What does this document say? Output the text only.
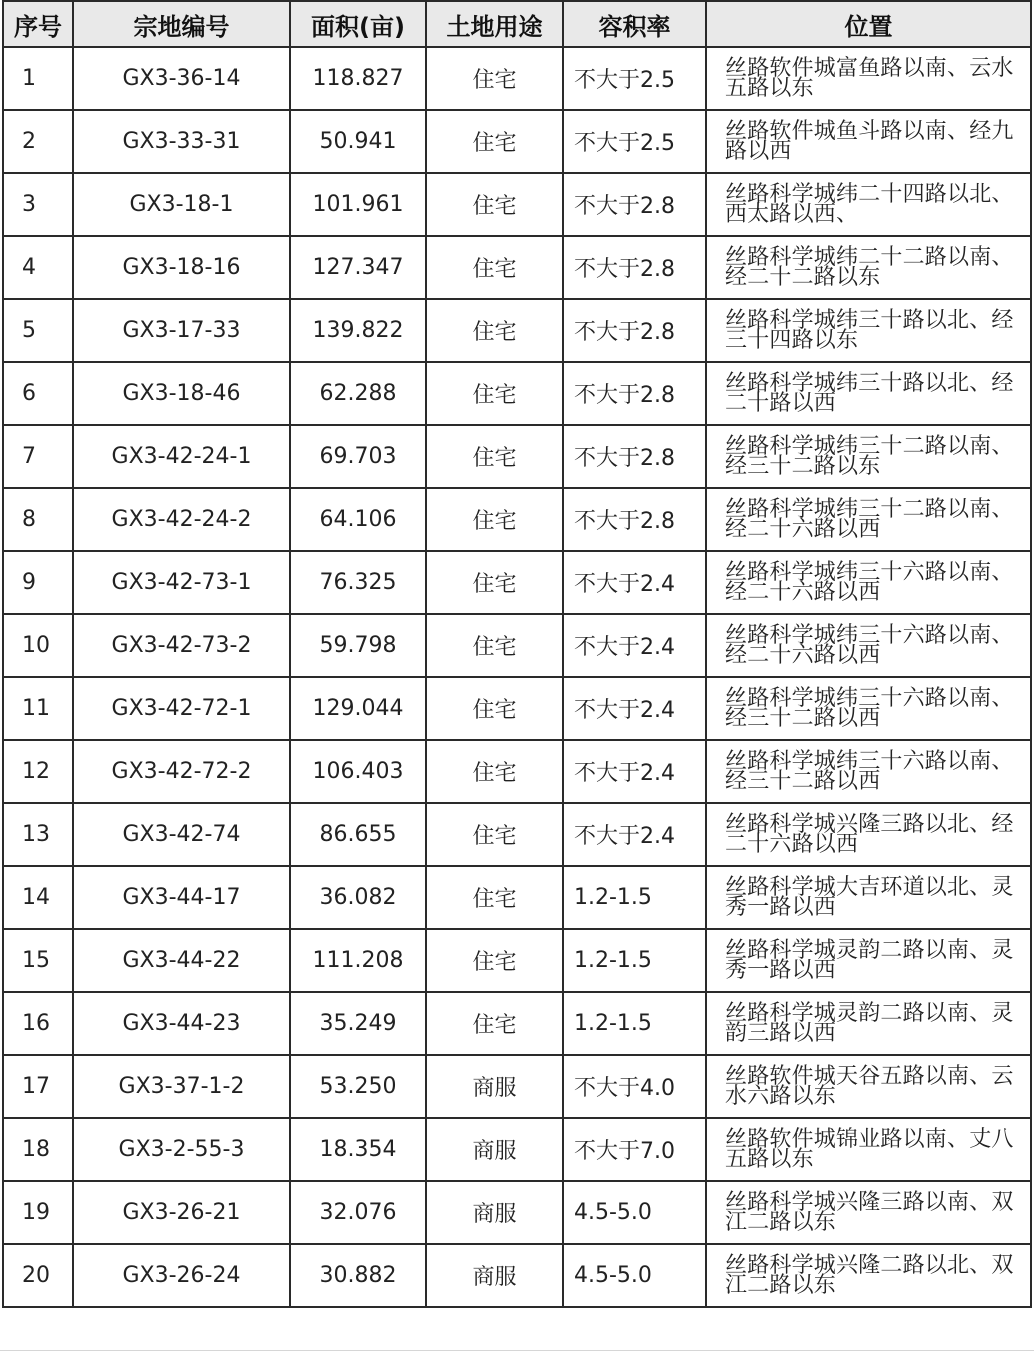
序号	宗地编号	面积(亩)	土地用途	容积率	位置
1	GX3-36-14	118.827	住宅	不大于2.5	丝路软件城富鱼路以南、云水五路以东
2	GX3-33-31	50.941	住宅	不大于2.5	丝路软件城鱼斗路以南、经九路以西
3	GX3-18-1	101.961	住宅	不大于2.8	丝路科学城纬二十四路以北、西太路以西、
4	GX3-18-16	127.347	住宅	不大于2.8	丝路科学城纬二十二路以南、经二十二路以东
5	GX3-17-33	139.822	住宅	不大于2.8	丝路科学城纬三十路以北、经三十四路以东
6	GX3-18-46	62.288	住宅	不大于2.8	丝路科学城纬三十路以北、经二十路以西
7	GX3-42-24-1	69.703	住宅	不大于2.8	丝路科学城纬三十二路以南、经三十二路以东
8	GX3-42-24-2	64.106	住宅	不大于2.8	丝路科学城纬三十二路以南、经二十六路以西
9	GX3-42-73-1	76.325	住宅	不大于2.4	丝路科学城纬三十六路以南、经二十六路以西
10	GX3-42-73-2	59.798	住宅	不大于2.4	丝路科学城纬三十六路以南、经二十六路以西
11	GX3-42-72-1	129.044	住宅	不大于2.4	丝路科学城纬三十六路以南、经三十二路以西
12	GX3-42-72-2	106.403	住宅	不大于2.4	丝路科学城纬三十六路以南、经三十二路以西
13	GX3-42-74	86.655	住宅	不大于2.4	丝路科学城兴隆三路以北、经二十六路以西
14	GX3-44-17	36.082	住宅	1.2-1.5	丝路科学城大吉环道以北、灵秀一路以西
15	GX3-44-22	111.208	住宅	1.2-1.5	丝路科学城灵韵二路以南、灵秀一路以西
16	GX3-44-23	35.249	住宅	1.2-1.5	丝路科学城灵韵二路以南、灵韵三路以西
17	GX3-37-1-2	53.250	商服	不大于4.0	丝路软件城天谷五路以南、云水六路以东
18	GX3-2-55-3	18.354	商服	不大于7.0	丝路软件城锦业路以南、丈八五路以东
19	GX3-26-21	32.076	商服	4.5-5.0	丝路科学城兴隆三路以南、双江二路以东
20	GX3-26-24	30.882	商服	4.5-5.0	丝路科学城兴隆二路以北、双江二路以东
